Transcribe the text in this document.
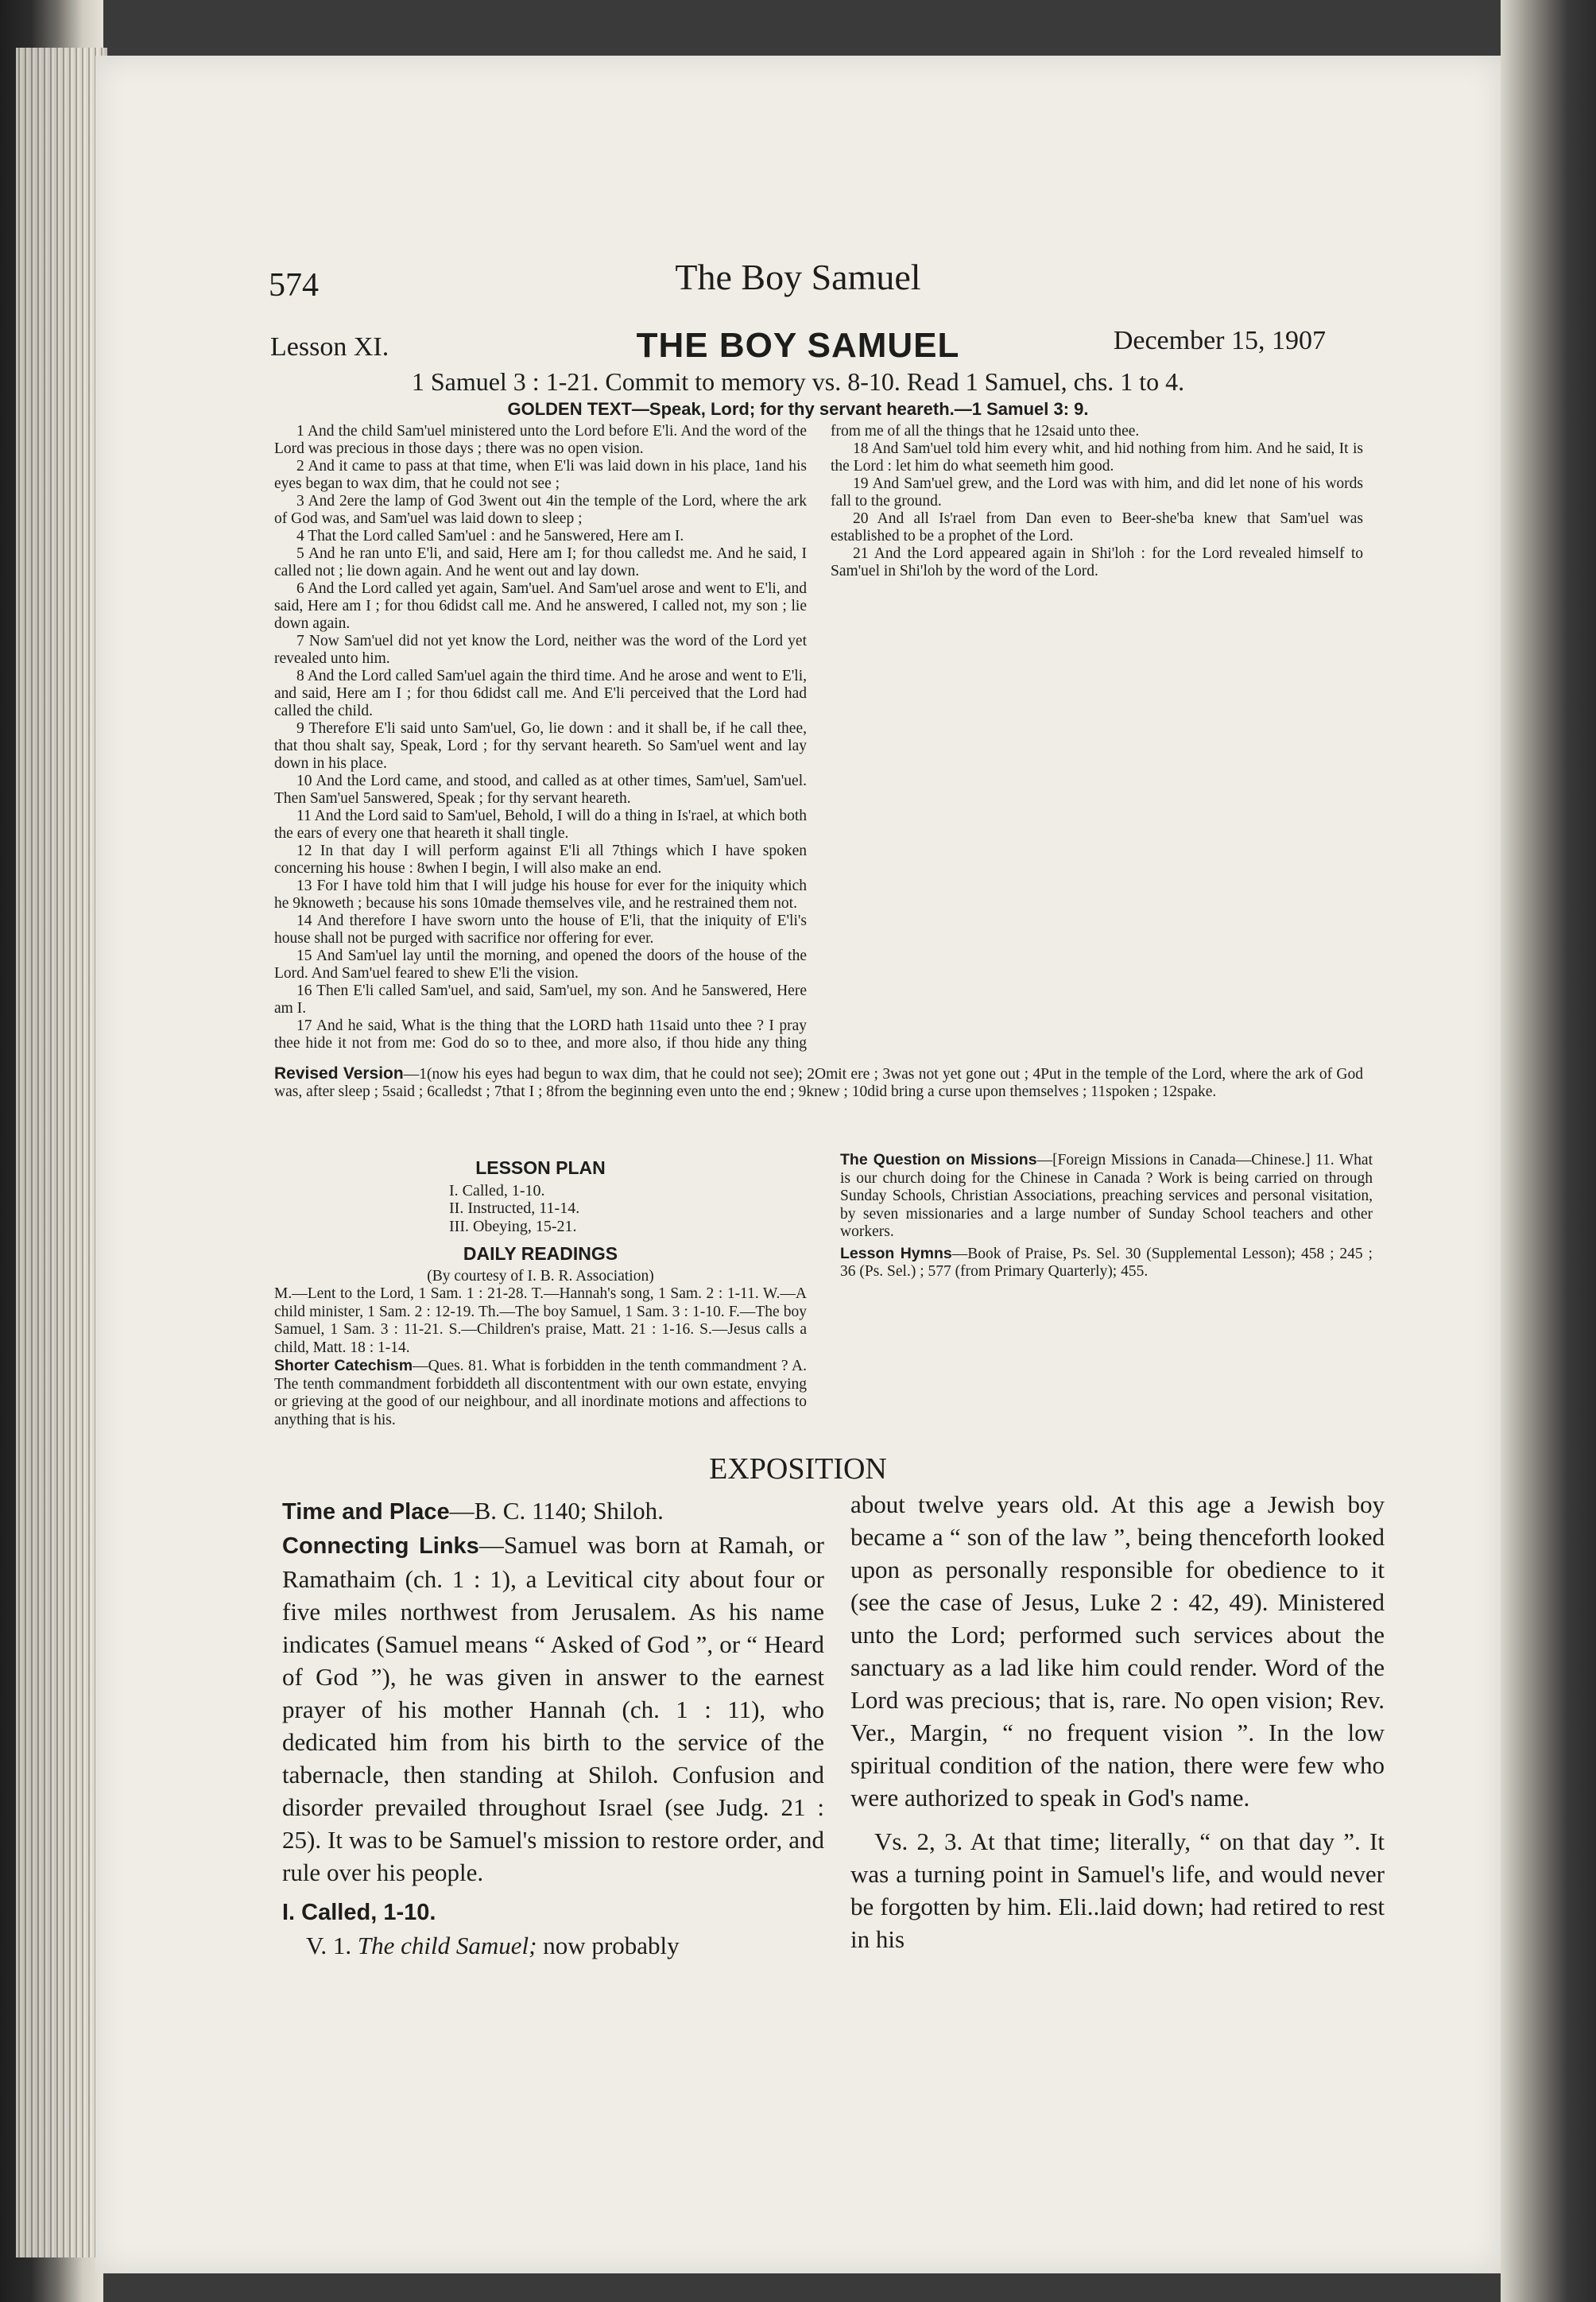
574	The Boy Samuel
Lesson XI.	THE BOY SAMUEL	December 15, 1907
1 Samuel 3 : 1-21. Commit to memory vs. 8-10. Read 1 Samuel, chs. 1 to 4.
GOLDEN TEXT—Speak, Lord; for thy servant heareth.—1 Samuel 3: 9.

1 And the child Sam'uel ministered unto the Lord before E'li. And the word of the Lord was precious in those days ; there was no open vision.

2 And it came to pass at that time, when E'li was laid down in his place, 1and his eyes began to wax dim, that he could not see ;

3 And 2ere the lamp of God 3went out 4in the temple of the Lord, where the ark of God was, and Sam'uel was laid down to sleep ;

4 That the Lord called Sam'uel : and he 5answered, Here am I.

5 And he ran unto E'li, and said, Here am I; for thou calledst me. And he said, I called not ; lie down again. And he went out and lay down.

6 And the Lord called yet again, Sam'uel. And Sam'uel arose and went to E'li, and said, Here am I ; for thou 6didst call me. And he answered, I called not, my son ; lie down again.

7 Now Sam'uel did not yet know the Lord, neither was the word of the Lord yet revealed unto him.

8 And the Lord called Sam'uel again the third time. And he arose and went to E'li, and said, Here am I ; for thou 6didst call me. And E'li perceived that the Lord had called the child.

9 Therefore E'li said unto Sam'uel, Go, lie down : and it shall be, if he call thee, that thou shalt say, Speak, Lord ; for thy servant heareth. So Sam'uel went and lay down in his place.

10 And the Lord came, and stood, and called as at other times, Sam'uel, Sam'uel. Then Sam'uel 5answered, Speak ; for thy servant heareth.

11 And the Lord said to Sam'uel, Behold, I will do a thing in Is'rael, at which both the ears of every one that heareth it shall tingle.

12 In that day I will perform against E'li all 7things which I have spoken concerning his house : 8when I begin, I will also make an end.

13 For I have told him that I will judge his house for ever for the iniquity which he 9knoweth ; because his sons 10made themselves vile, and he restrained them not.

14 And therefore I have sworn unto the house of E'li, that the iniquity of E'li's house shall not be purged with sacrifice nor offering for ever.

15 And Sam'uel lay until the morning, and opened the doors of the house of the Lord. And Sam'uel feared to shew E'li the vision.

16 Then E'li called Sam'uel, and said, Sam'uel, my son. And he 5answered, Here am I.

17 And he said, What is the thing that the LORD hath 11said unto thee ? I pray thee hide it not from me: God do so to thee, and more also, if thou hide any thing from me of all the things that he 12said unto thee.

18 And Sam'uel told him every whit, and hid nothing from him. And he said, It is the Lord : let him do what seemeth him good.

19 And Sam'uel grew, and the Lord was with him, and did let none of his words fall to the ground.

20 And all Is'rael from Dan even to Beer-she'ba knew that Sam'uel was established to be a prophet of the Lord.

21 And the Lord appeared again in Shi'loh : for the Lord revealed himself to Sam'uel in Shi'loh by the word of the Lord.

Revised Version—1(now his eyes had begun to wax dim, that he could not see); 2Omit ere ; 3was not yet gone out ; 4Put in the temple of the Lord, where the ark of God was, after sleep ; 5said ; 6calledst ; 7that I ; 8from the beginning even unto the end ; 9knew ; 10did bring a curse upon themselves ; 11spoken ; 12spake.
LESSON PLAN

I. Called, 1-10.

II. Instructed, 11-14.

III. Obeying, 15-21.

DAILY READINGS
(By courtesy of I. B. R. Association)
M.—Lent to the Lord, 1 Sam. 1 : 21-28. T.—Hannah's song, 1 Sam. 2 : 1-11. W.—A child minister, 1 Sam. 2 : 12-19. Th.—The boy Samuel, 1 Sam. 3 : 1-10. F.—The boy Samuel, 1 Sam. 3 : 11-21. S.—Children's praise, Matt. 21 : 1-16. S.—Jesus calls a child, Matt. 18 : 1-14.
Shorter Catechism—Ques. 81. What is forbidden in the tenth commandment ? A. The tenth commandment forbiddeth all discontentment with our own estate, envying or grieving at the good of our neighbour, and all inordinate motions and affections to anything that is his.
The Question on Missions—[Foreign Missions in Canada—Chinese.] 11. What is our church doing for the Chinese in Canada ? Work is being carried on through Sunday Schools, Christian Associations, preaching services and personal visitation, by seven missionaries and a large number of Sunday School teachers and other workers.
Lesson Hymns—Book of Praise, Ps. Sel. 30 (Supplemental Lesson); 458 ; 245 ; 36 (Ps. Sel.) ; 577 (from Primary Quarterly); 455.
EXPOSITION

Time and Place—B. C. 1140; Shiloh.

Connecting Links—Samuel was born at Ramah, or Ramathaim (ch. 1 : 1), a Levitical city about four or five miles northwest from Jerusalem. As his name indicates (Samuel means “ Asked of God ”, or “ Heard of God ”), he was given in answer to the earnest prayer of his mother Hannah (ch. 1 : 11), who dedicated him from his birth to the service of the tabernacle, then standing at Shiloh. Confusion and disorder prevailed throughout Israel (see Judg. 21 : 25). It was to be Samuel's mission to restore order, and rule over his people.

I. Called, 1-10.

V. 1. The child Samuel; now probably

about twelve years old. At this age a Jewish boy became a “ son of the law ”, being thenceforth looked upon as personally responsible for obedience to it (see the case of Jesus, Luke 2 : 42, 49). Ministered unto the Lord; performed such services about the sanctuary as a lad like him could render. Word of the Lord was precious; that is, rare. No open vision; Rev. Ver., Margin, “ no frequent vision ”. In the low spiritual condition of the nation, there were few who were authorized to speak in God's name.

Vs. 2, 3. At that time; literally, “ on that day ”. It was a turning point in Samuel's life, and would never be forgotten by him. Eli..laid down; had retired to rest in his
